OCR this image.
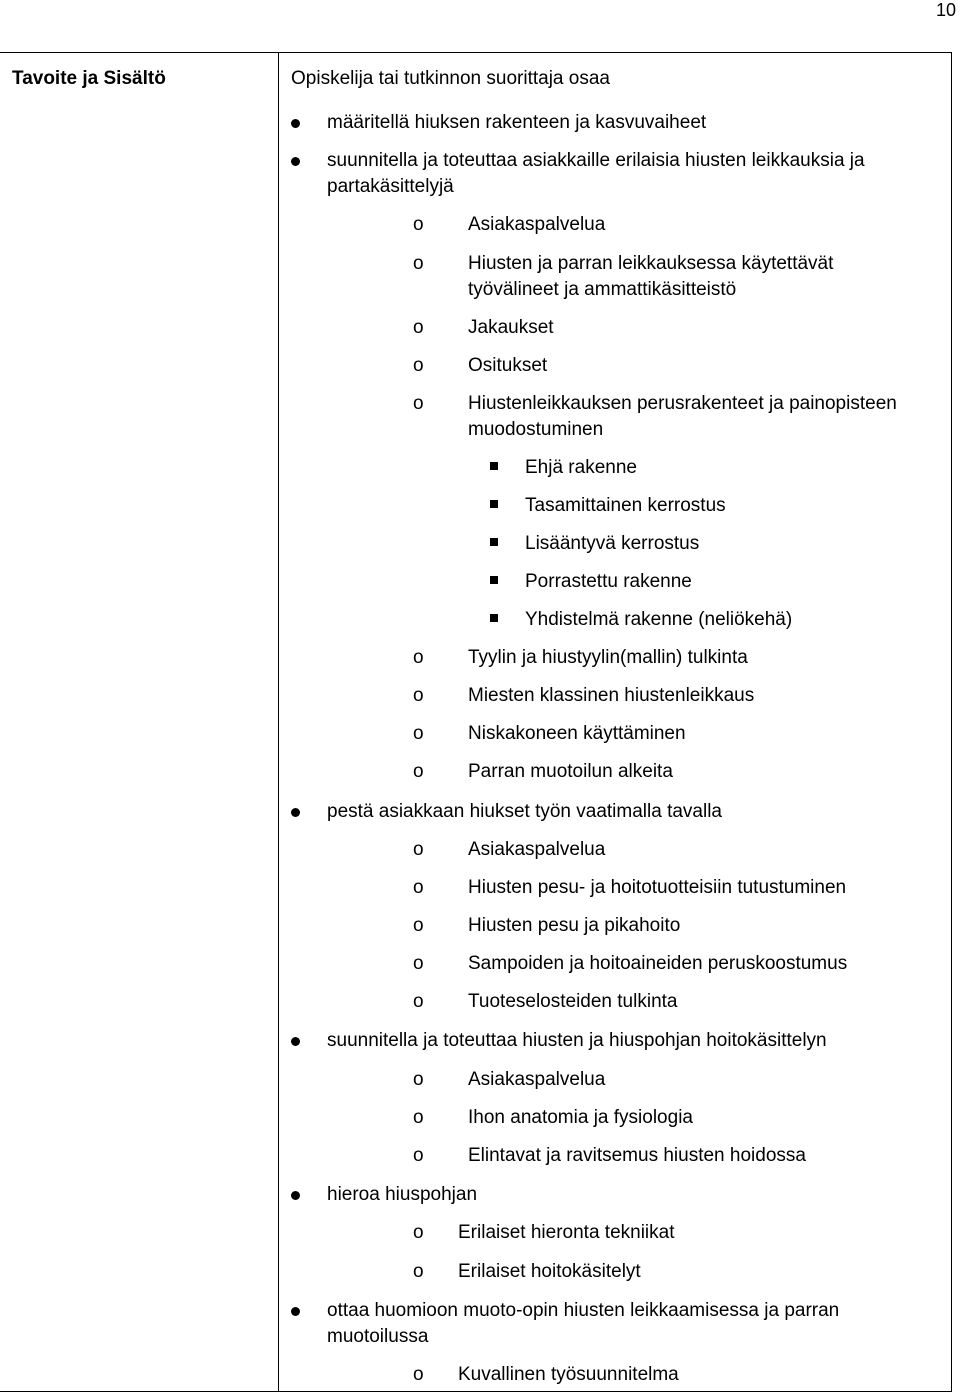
10
Tavoite ja Sisältö	Opiskelija tai tutkinnon suorittaja osaa
määritellä hiuksen rakenteen ja kasvuvaiheet
suunnitella ja toteuttaa asiakkaille erilaisia hiusten leikkauksia ja
partakäsittelyjä
o Asiakaspalvelua
o Hiusten ja parran leikkauksessa käytettävät
työvälineet ja ammattikäsitteistö
o Jakaukset
o Ositukset
o Hiustenleikkauksen perusrakenteet ja painopisteen
muodostuminen
Ehjä rakenne
Tasamittainen kerrostus
Lisääntyvä kerrostus
Porrastettu rakenne
Yhdistelmä rakenne (neliökehä)
o Tyylin ja hiustyylin(mallin) tulkinta
o Miesten klassinen hiustenleikkaus
o Niskakoneen käyttäminen
o Parran muotoilun alkeita
pestä asiakkaan hiukset työn vaatimalla tavalla
o Asiakaspalvelua
o Hiusten pesu- ja hoitotuotteisiin tutustuminen
o Hiusten pesu ja pikahoito
o Sampoiden ja hoitoaineiden peruskoostumus
o Tuoteselosteiden tulkinta
suunnitella ja toteuttaa hiusten ja hiuspohjan hoitokäsittelyn
o Asiakaspalvelua
o Ihon anatomia ja fysiologia
o Elintavat ja ravitsemus hiusten hoidossa
hieroa hiuspohjan
o Erilaiset hieronta tekniikat
o Erilaiset hoitokäsitelyt
ottaa huomioon muoto-opin hiusten leikkaamisessa ja parran
muotoilussa
o Kuvallinen työsuunnitelma
